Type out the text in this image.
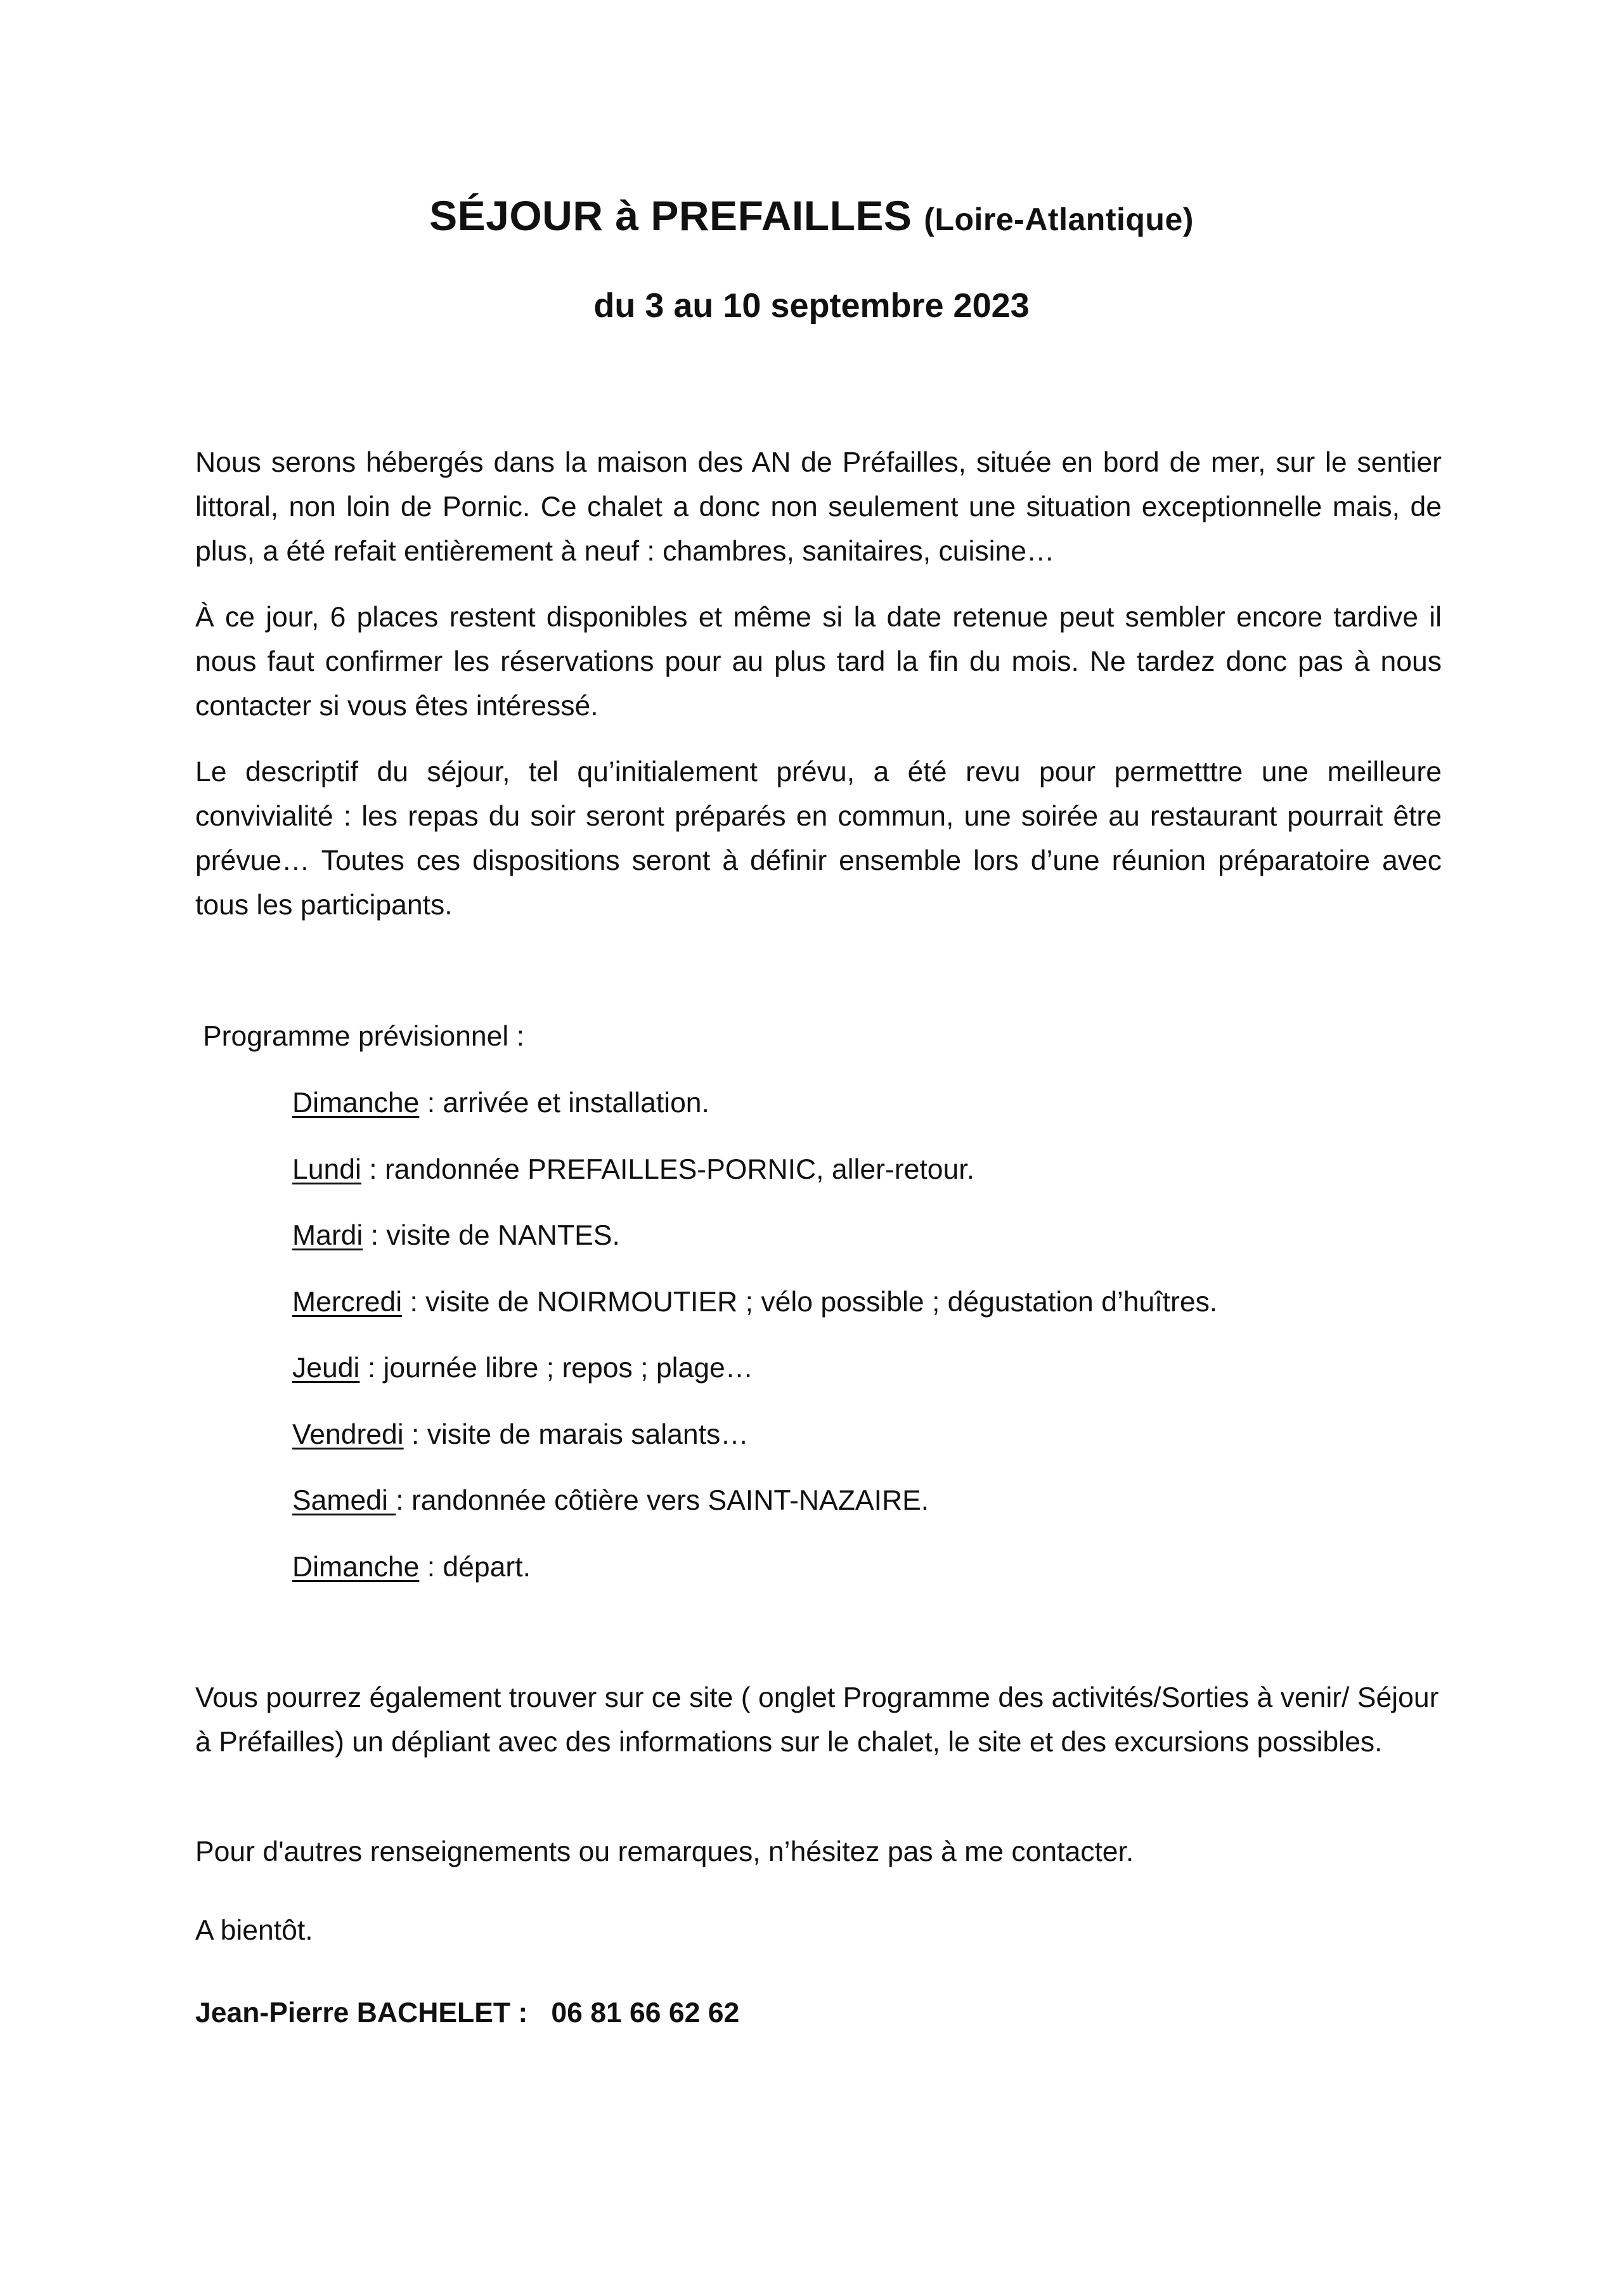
SÉJOUR à PREFAILLES (Loire-Atlantique)
du 3 au 10 septembre 2023
Nous serons hébergés dans la maison des AN de Préfailles, située en bord de mer, sur le sentier littoral, non loin de Pornic. Ce chalet a donc non seulement une situation exceptionnelle mais, de plus, a été refait entièrement à neuf : chambres, sanitaires, cuisine…
À ce jour, 6 places restent disponibles et même si la date retenue peut sembler encore tardive il nous faut confirmer les réservations pour au plus tard la fin du mois. Ne tardez donc pas à nous contacter si vous êtes intéressé.
Le descriptif du séjour, tel qu’initialement prévu, a été revu pour permetttre une meilleure convivialité : les repas du soir seront préparés en commun, une soirée au restaurant pourrait être prévue… Toutes ces dispositions seront à définir ensemble lors d’une réunion préparatoire avec tous les participants.
Programme prévisionnel :
Dimanche : arrivée et installation.
Lundi : randonnée PREFAILLES-PORNIC, aller-retour.
Mardi : visite de NANTES.
Mercredi : visite de NOIRMOUTIER ; vélo possible ; dégustation d’huîtres.
Jeudi : journée libre ; repos ; plage…
Vendredi : visite de marais salants…
Samedi : randonnée côtière vers SAINT-NAZAIRE.
Dimanche : départ.
Vous pourrez également trouver sur ce site ( onglet Programme des activités/Sorties à venir/ Séjour à Préfailles) un dépliant avec des informations sur le chalet, le site et des excursions possibles.
Pour d'autres renseignements ou remarques, n’hésitez pas à me contacter.
A bientôt.
Jean-Pierre BACHELET :   06 81 66 62 62
